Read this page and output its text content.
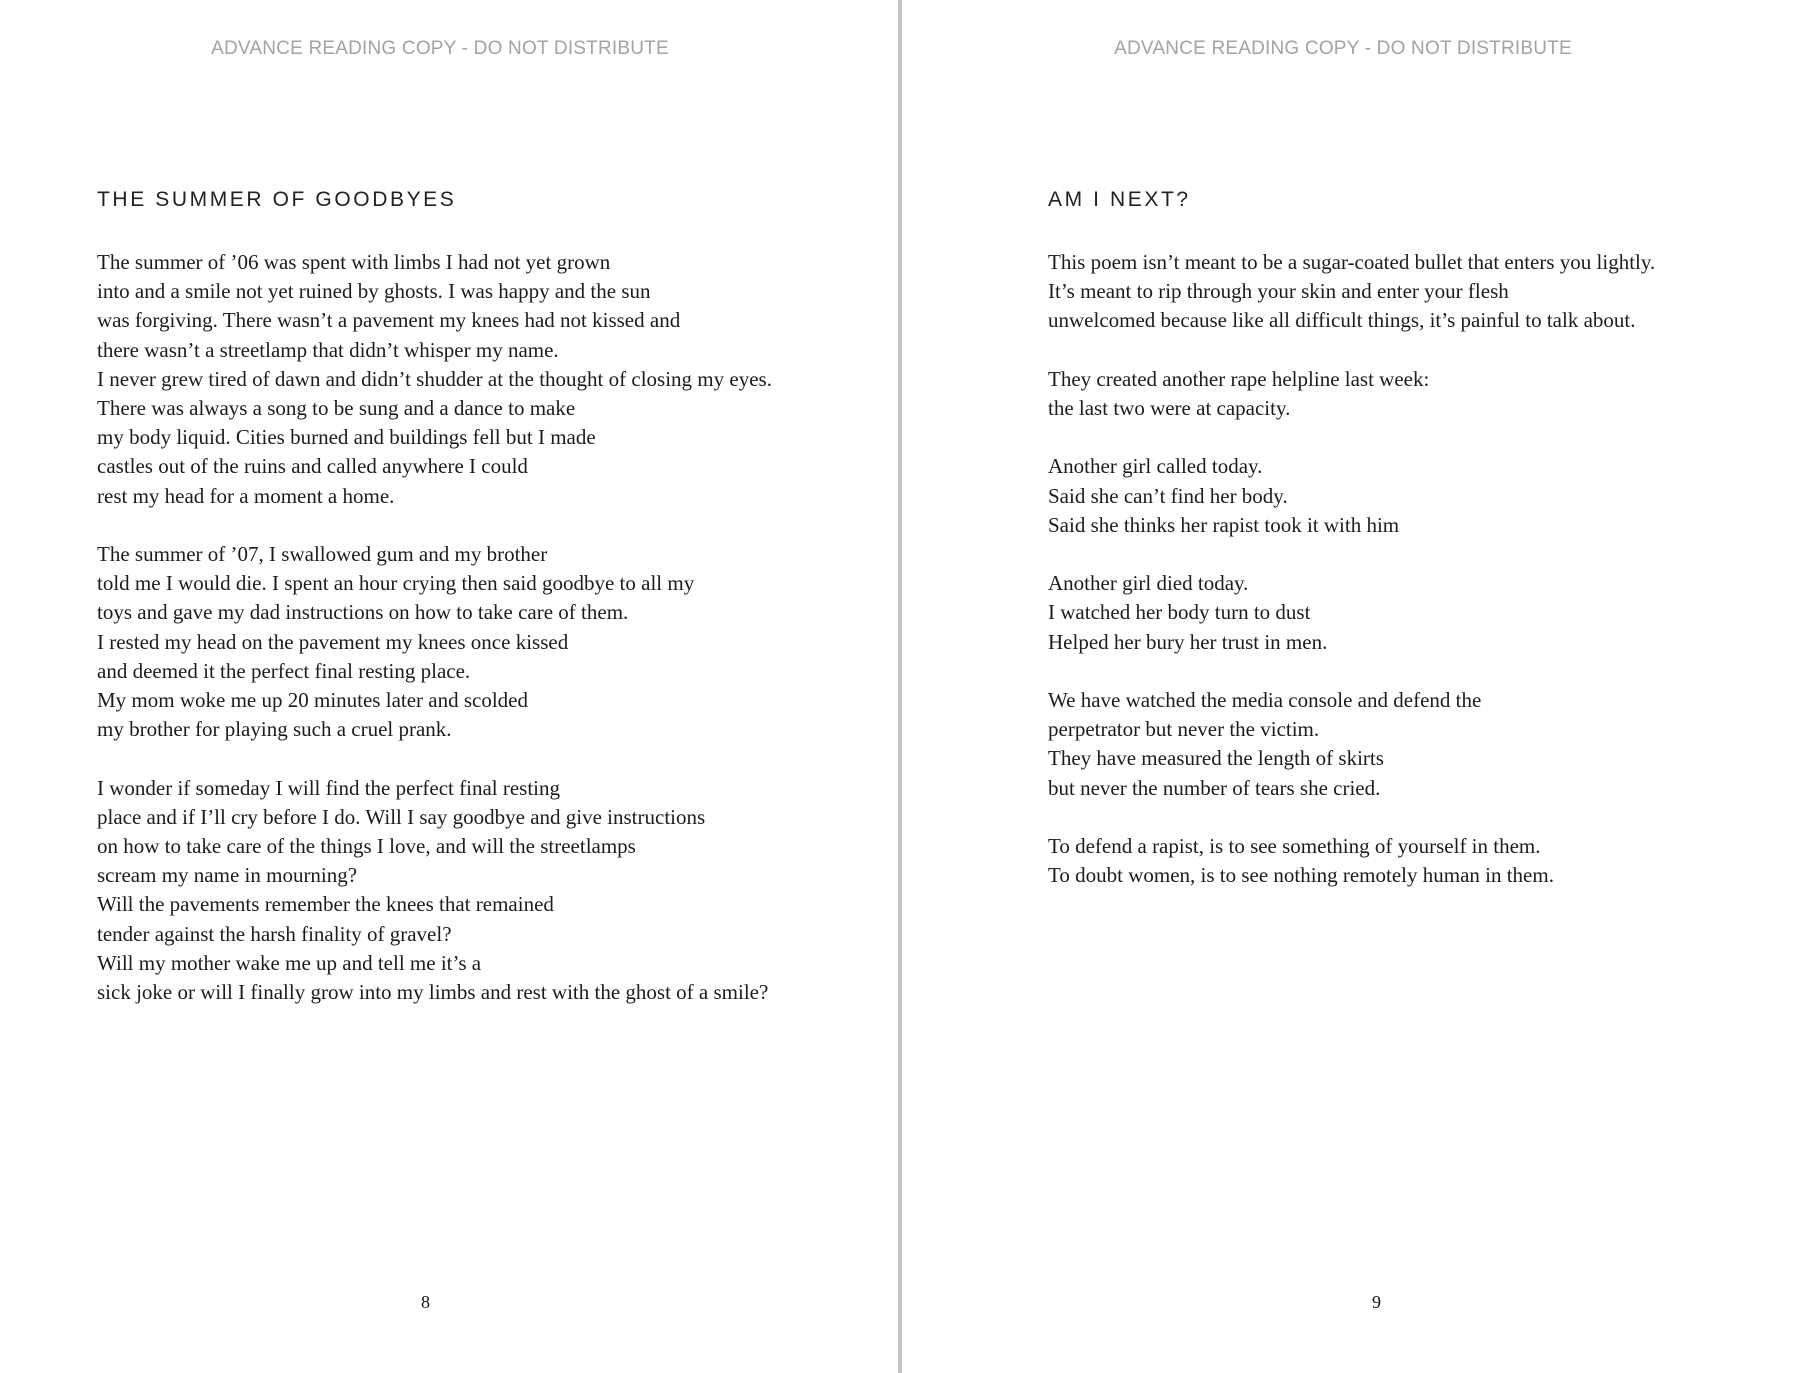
ADVANCE READING COPY - DO NOT DISTRIBUTE
THE SUMMER OF GOODBYES

The summer of ’06 was spent with limbs I had not yet grown
into and a smile not yet ruined by ghosts. I was happy and the sun
was forgiving. There wasn’t a pavement my knees had not kissed and
there wasn’t a streetlamp that didn’t whisper my name.
I never grew tired of dawn and didn’t shudder at the thought of closing my eyes.
There was always a song to be sung and a dance to make
my body liquid. Cities burned and buildings fell but I made
castles out of the ruins and called anywhere I could
rest my head for a moment a home.

The summer of ’07, I swallowed gum and my brother
told me I would die. I spent an hour crying then said goodbye to all my
toys and gave my dad instructions on how to take care of them.
I rested my head on the pavement my knees once kissed
and deemed it the perfect final resting place.
My mom woke me up 20 minutes later and scolded
my brother for playing such a cruel prank.

I wonder if someday I will find the perfect final resting
place and if I’ll cry before I do. Will I say goodbye and give instructions
on how to take care of the things I love, and will the streetlamps
scream my name in mourning?
Will the pavements remember the knees that remained
tender against the harsh finality of gravel?
Will my mother wake me up and tell me it’s a
sick joke or will I finally grow into my limbs and rest with the ghost of a smile?

8
ADVANCE READING COPY - DO NOT DISTRIBUTE
AM I NEXT?

This poem isn’t meant to be a sugar-coated bullet that enters you lightly.
It’s meant to rip through your skin and enter your flesh
unwelcomed because like all difficult things, it’s painful to talk about.

They created another rape helpline last week:
the last two were at capacity.

Another girl called today.
Said she can’t find her body.
Said she thinks her rapist took it with him

Another girl died today.
I watched her body turn to dust
Helped her bury her trust in men.

We have watched the media console and defend the
perpetrator but never the victim.
They have measured the length of skirts
but never the number of tears she cried.

To defend a rapist, is to see something of yourself in them.
To doubt women, is to see nothing remotely human in them.

9
